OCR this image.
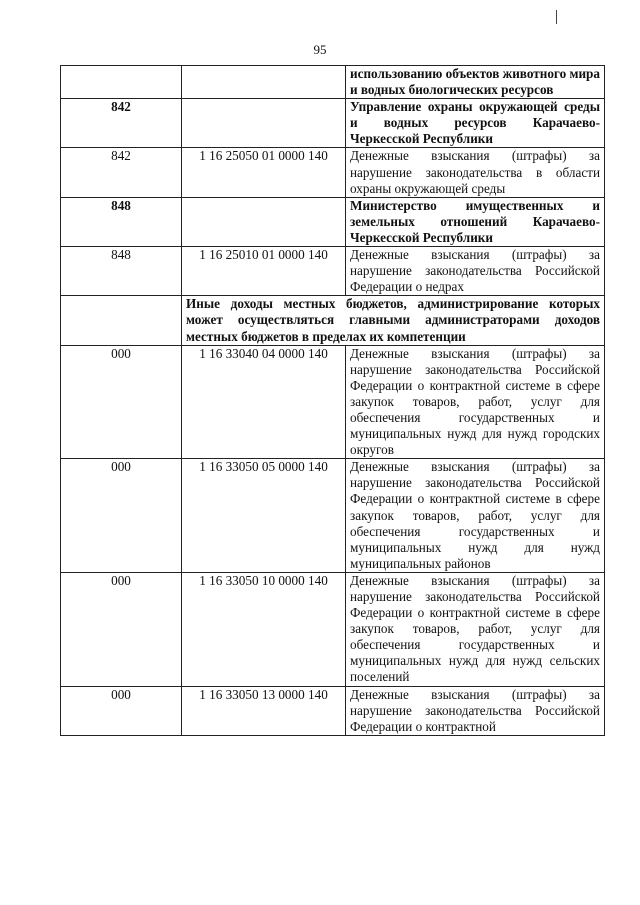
95
		использованию объектов животного мира и водных биологических ресурсов
842		Управление охраны окружающей среды и водных ресурсов Карачаево-Черкесской Республики
842	1 16 25050 01 0000 140	Денежные взыскания (штрафы) за нарушение законодательства в области охраны окружающей среды
848		Министерство имущественных и земельных отношений Карачаево-Черкесской Республики
848	1 16 25010 01 0000 140	Денежные взыскания (штрафы) за нарушение законодательства Российской Федерации о недрах
	Иные доходы местных бюджетов, администрирование которых может осуществляться главными администраторами доходов местных бюджетов в пределах их компетенции	
000	1 16 33040 04 0000 140	Денежные взыскания (штрафы) за нарушение законодательства Российской Федерации о контрактной системе в сфере закупок товаров, работ, услуг для обеспечения государственных и муниципальных нужд для нужд городских округов
000	1 16 33050 05 0000 140	Денежные взыскания (штрафы) за нарушение законодательства Российской Федерации о контрактной системе в сфере закупок товаров, работ, услуг для обеспечения государственных и муниципальных нужд для нужд муниципальных районов
000	1 16 33050 10 0000 140	Денежные взыскания (штрафы) за нарушение законодательства Российской Федерации о контрактной системе в сфере закупок товаров, работ, услуг для обеспечения государственных и муниципальных нужд для нужд сельских поселений
000	1 16 33050 13 0000 140	Денежные взыскания (штрафы) за нарушение законодательства Российской Федерации о контрактной
